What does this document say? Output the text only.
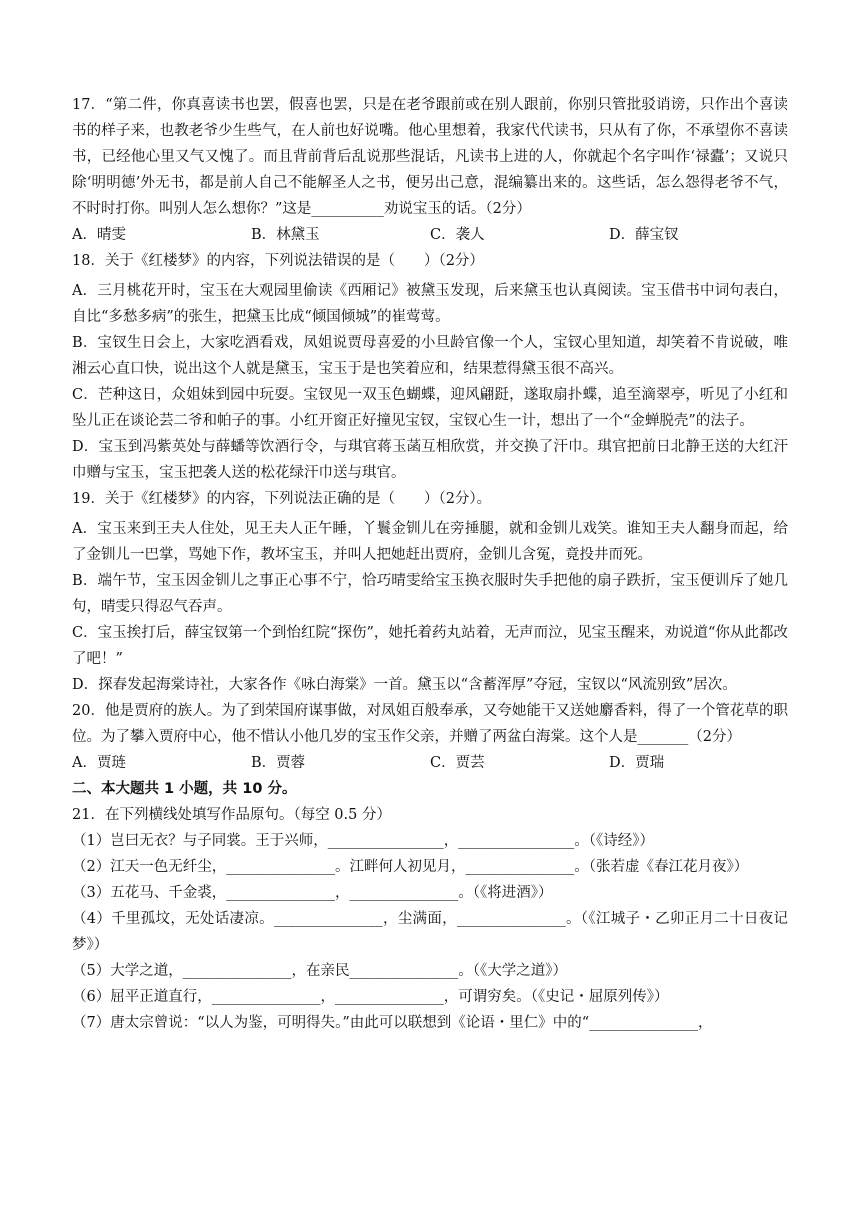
17．“第二件，你真喜读书也罢，假喜也罢，只是在老爷跟前或在别人跟前，你别只管批驳诮谤，只作出个喜读书的样子来，也教老爷少生些气，在人前也好说嘴。他心里想着，我家代代读书，只从有了你，不承望你不喜读书，已经他心里又气又愧了。而且背前背后乱说那些混话，凡读书上进的人，你就起个名字叫作‘禄蠹’；又说只除‘明明德’外无书，都是前人自己不能解圣人之书，便另出己意，混编纂出来的。这些话，怎么怨得老爷不气，不时时打你。叫别人怎么想你？”这是__________劝说宝玉的话。（2分）

A．晴雯	B．林黛玉	C．袭人	D．薛宝钗

18．关于《红楼梦》的内容，下列说法错误的是（　　）（2分）

A．三月桃花开时，宝玉在大观园里偷读《西厢记》被黛玉发现，后来黛玉也认真阅读。宝玉借书中词句表白，自比“多愁多病”的张生，把黛玉比成“倾国倾城”的崔莺莺。

B．宝钗生日会上，大家吃酒看戏，凤姐说贾母喜爱的小旦龄官像一个人，宝钗心里知道，却笑着不肯说破，唯湘云心直口快，说出这个人就是黛玉，宝玉于是也笑着应和，结果惹得黛玉很不高兴。

C．芒种这日，众姐妹到园中玩耍。宝钗见一双玉色蝴蝶，迎风翩跹，遂取扇扑蝶，追至滴翠亭，听见了小红和坠儿正在谈论芸二爷和帕子的事。小红开窗正好撞见宝钗，宝钗心生一计，想出了一个“金蝉脱壳”的法子。

D．宝玉到冯紫英处与薛蟠等饮酒行令，与琪官蒋玉菡互相欣赏，并交换了汗巾。琪官把前日北静王送的大红汗巾赠与宝玉，宝玉把袭人送的松花绿汗巾送与琪官。

19．关于《红楼梦》的内容，下列说法正确的是（　　）（2分）。

A．宝玉来到王夫人住处，见王夫人正午睡，丫鬟金钏儿在旁捶腿，就和金钏儿戏笑。谁知王夫人翻身而起，给了金钏儿一巴掌，骂她下作，教坏宝玉，并叫人把她赶出贾府，金钏儿含冤，竟投井而死。

B．端午节，宝玉因金钏儿之事正心事不宁，恰巧晴雯给宝玉换衣服时失手把他的扇子跌折，宝玉便训斥了她几句，晴雯只得忍气吞声。

C．宝玉挨打后，薛宝钗第一个到怡红院“探伤”，她托着药丸站着，无声而泣，见宝玉醒来，劝说道“你从此都改了吧！”

D．探春发起海棠诗社，大家各作《咏白海棠》一首。黛玉以“含蓄浑厚”夺冠，宝钗以“风流别致”居次。

20．他是贾府的族人。为了到荣国府谋事做，对凤姐百般奉承，又夸她能干又送她麝香料，得了一个管花草的职位。为了攀入贾府中心，他不惜认小他几岁的宝玉作父亲，并赠了两盆白海棠。这个人是_______（2分）

A．贾琏	B．贾蓉	C．贾芸	D．贾瑞

二、本大题共 1 小题，共 10 分。

21．在下列横线处填写作品原句。（每空 0.5 分）

（1）岂曰无衣？与子同裳。王于兴师，________________，________________。（《诗经》）

（2）江天一色无纤尘，_______________。江畔何人初见月，_______________。（张若虚《春江花月夜》）

（3）五花马、千金裘，_______________，_______________。（《将进酒》）

（4）千里孤坟，无处话凄凉。_______________，尘满面，_______________。（《江城子・乙卯正月二十日夜记梦》）

（5）大学之道，_______________，在亲民_______________。（《大学之道》）

（6）屈平正道直行，_______________，_______________，可谓穷矣。（《史记・屈原列传》）

（7）唐太宗曾说：“以人为鉴，可明得失。”由此可以联想到《论语・里仁》中的“_______________，
